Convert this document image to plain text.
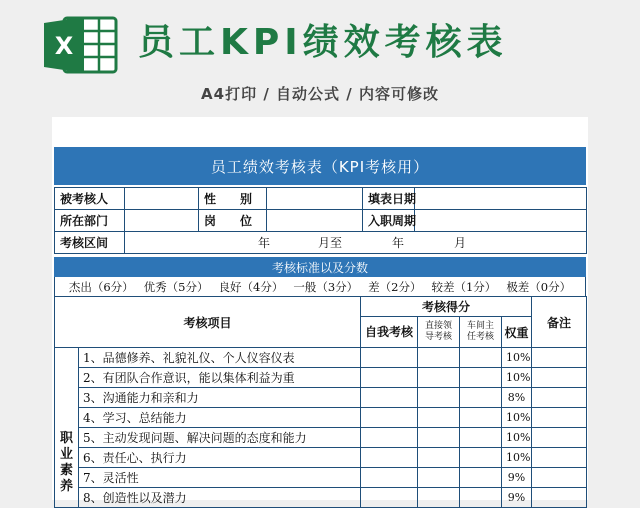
X 员工KPI绩效考核表
A4打印 / 自动公式 / 内容可修改
员工绩效考核表（KPI考核用）
被考核人		性　　别		填表日期	
所在部门		岗　　位		入职周期	
考核区间	年 月至 年 月				
考核标准以及分数
杰出（6分） 优秀（5分） 良好（4分） 一般（3分） 差（2分） 较差（1分） 极差（0分）
考核项目		考核得分				备注
		自我考核	直接领导考核	车间主任考核	权重	
职业素养	1、品德修养、礼貌礼仪、个人仪容仪表				10%	
	2、有团队合作意识，能以集体利益为重				10%	
	3、沟通能力和亲和力				8%	
	4、学习、总结能力				10%	
	5、主动发现问题、解决问题的态度和能力				10%	
	6、责任心、执行力				10%	
	7、灵活性				9%	
	8、创造性以及潜力				9%	
